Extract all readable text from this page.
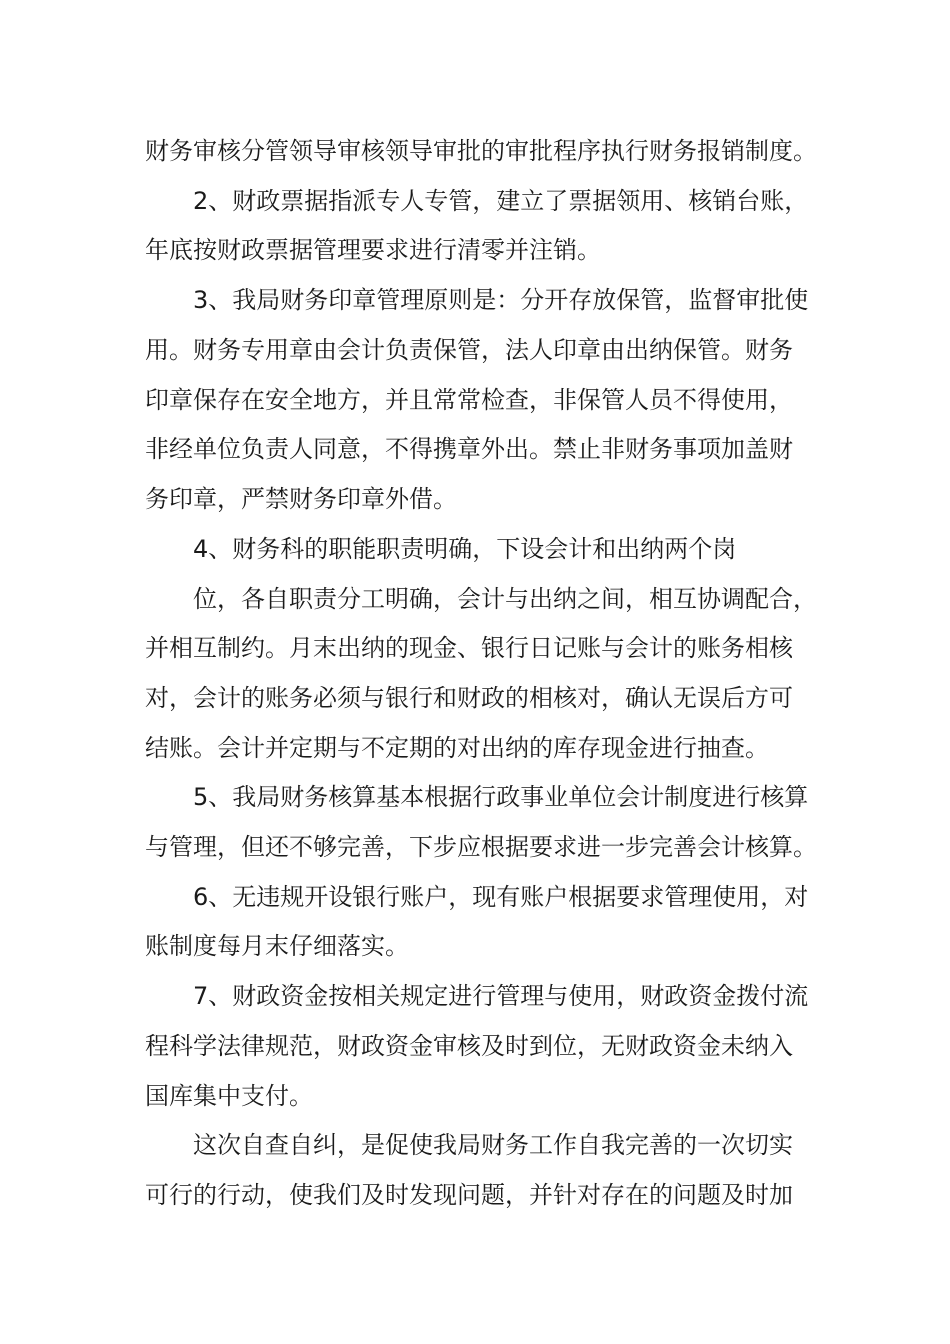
财务审核分管领导审核领导审批的审批程序执行财务报销制度。
2、财政票据指派专人专管，建立了票据领用、核销台账，
年底按财政票据管理要求进行清零并注销。
3、我局财务印章管理原则是：分开存放保管，监督审批使
用。财务专用章由会计负责保管，法人印章由出纳保管。财务
印章保存在安全地方，并且常常检查，非保管人员不得使用，
非经单位负责人同意，不得携章外出。禁止非财务事项加盖财
务印章，严禁财务印章外借。
4、财务科的职能职责明确，下设会计和出纳两个岗
位，各自职责分工明确，会计与出纳之间，相互协调配合，
并相互制约。月末出纳的现金、银行日记账与会计的账务相核
对，会计的账务必须与银行和财政的相核对，确认无误后方可
结账。会计并定期与不定期的对出纳的库存现金进行抽查。
5、我局财务核算基本根据行政事业单位会计制度进行核算
与管理，但还不够完善，下步应根据要求进一步完善会计核算。
6、无违规开设银行账户，现有账户根据要求管理使用，对
账制度每月末仔细落实。
7、财政资金按相关规定进行管理与使用，财政资金拨付流
程科学法律规范，财政资金审核及时到位，无财政资金未纳入
国库集中支付。
这次自查自纠，是促使我局财务工作自我完善的一次切实
可行的行动，使我们及时发现问题，并针对存在的问题及时加
